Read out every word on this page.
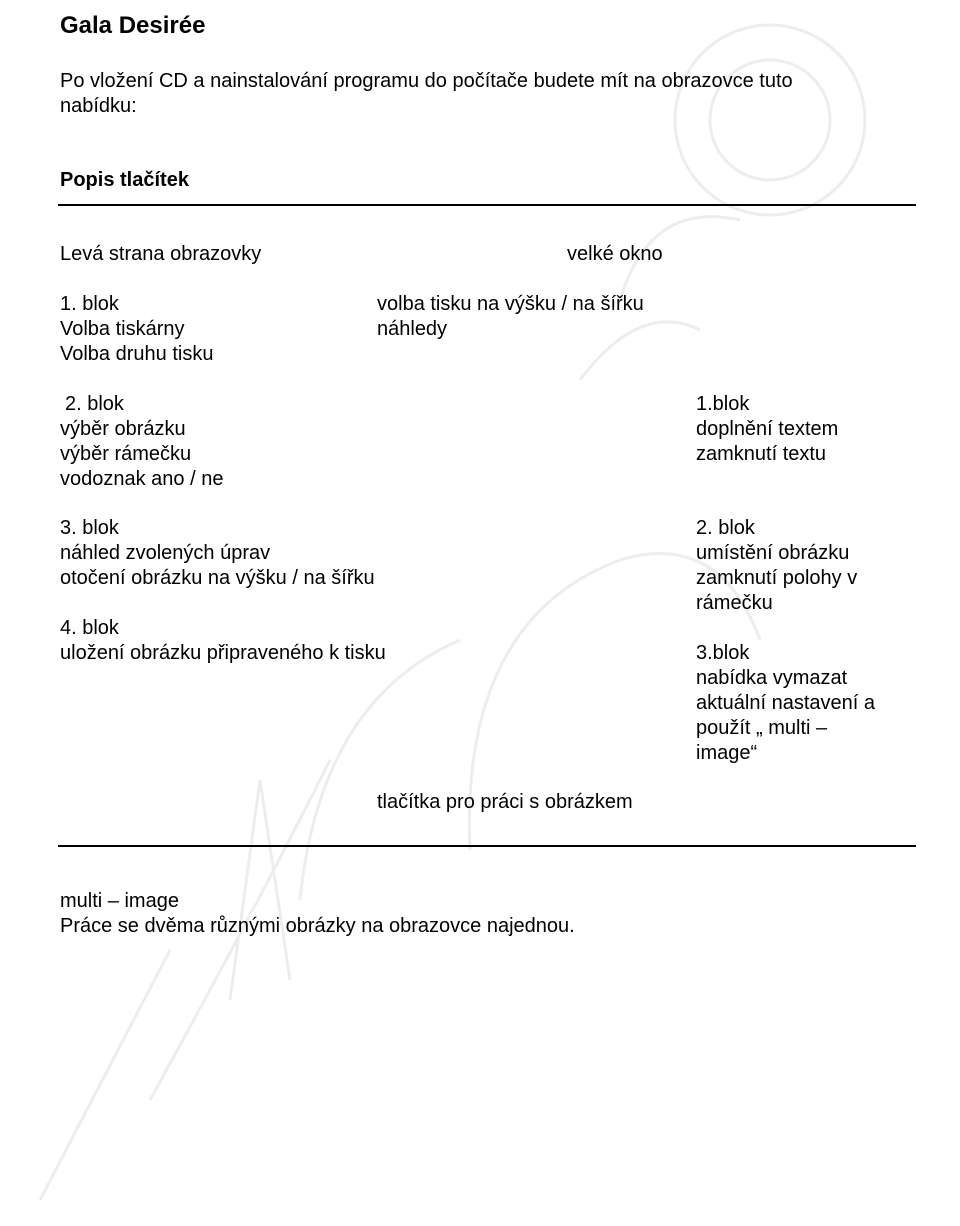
Gala Desirée
Po vložení CD a nainstalování programu do počítače budete mít na obrazovce tuto
nabídku:
Popis tlačítek
Levá strana obrazovky	velké okno
1. blok
Volba tiskárny
Volba druhu tisku
volba tisku na výšku / na šířku
náhledy
2. blok
výběr obrázku
výběr rámečku
vodoznak ano / ne
1.blok
doplnění textem
zamknutí textu
3. blok
náhled zvolených úprav
otočení obrázku na výšku / na šířku
2. blok
umístění obrázku
zamknutí polohy v
rámečku
4. blok
uložení obrázku připraveného k tisku	3.blok
nabídka vymazat
aktuální nastavení a
použít „ multi –
image“
tlačítka pro práci s obrázkem
multi – image
Práce se dvěma různými obrázky na obrazovce najednou.
